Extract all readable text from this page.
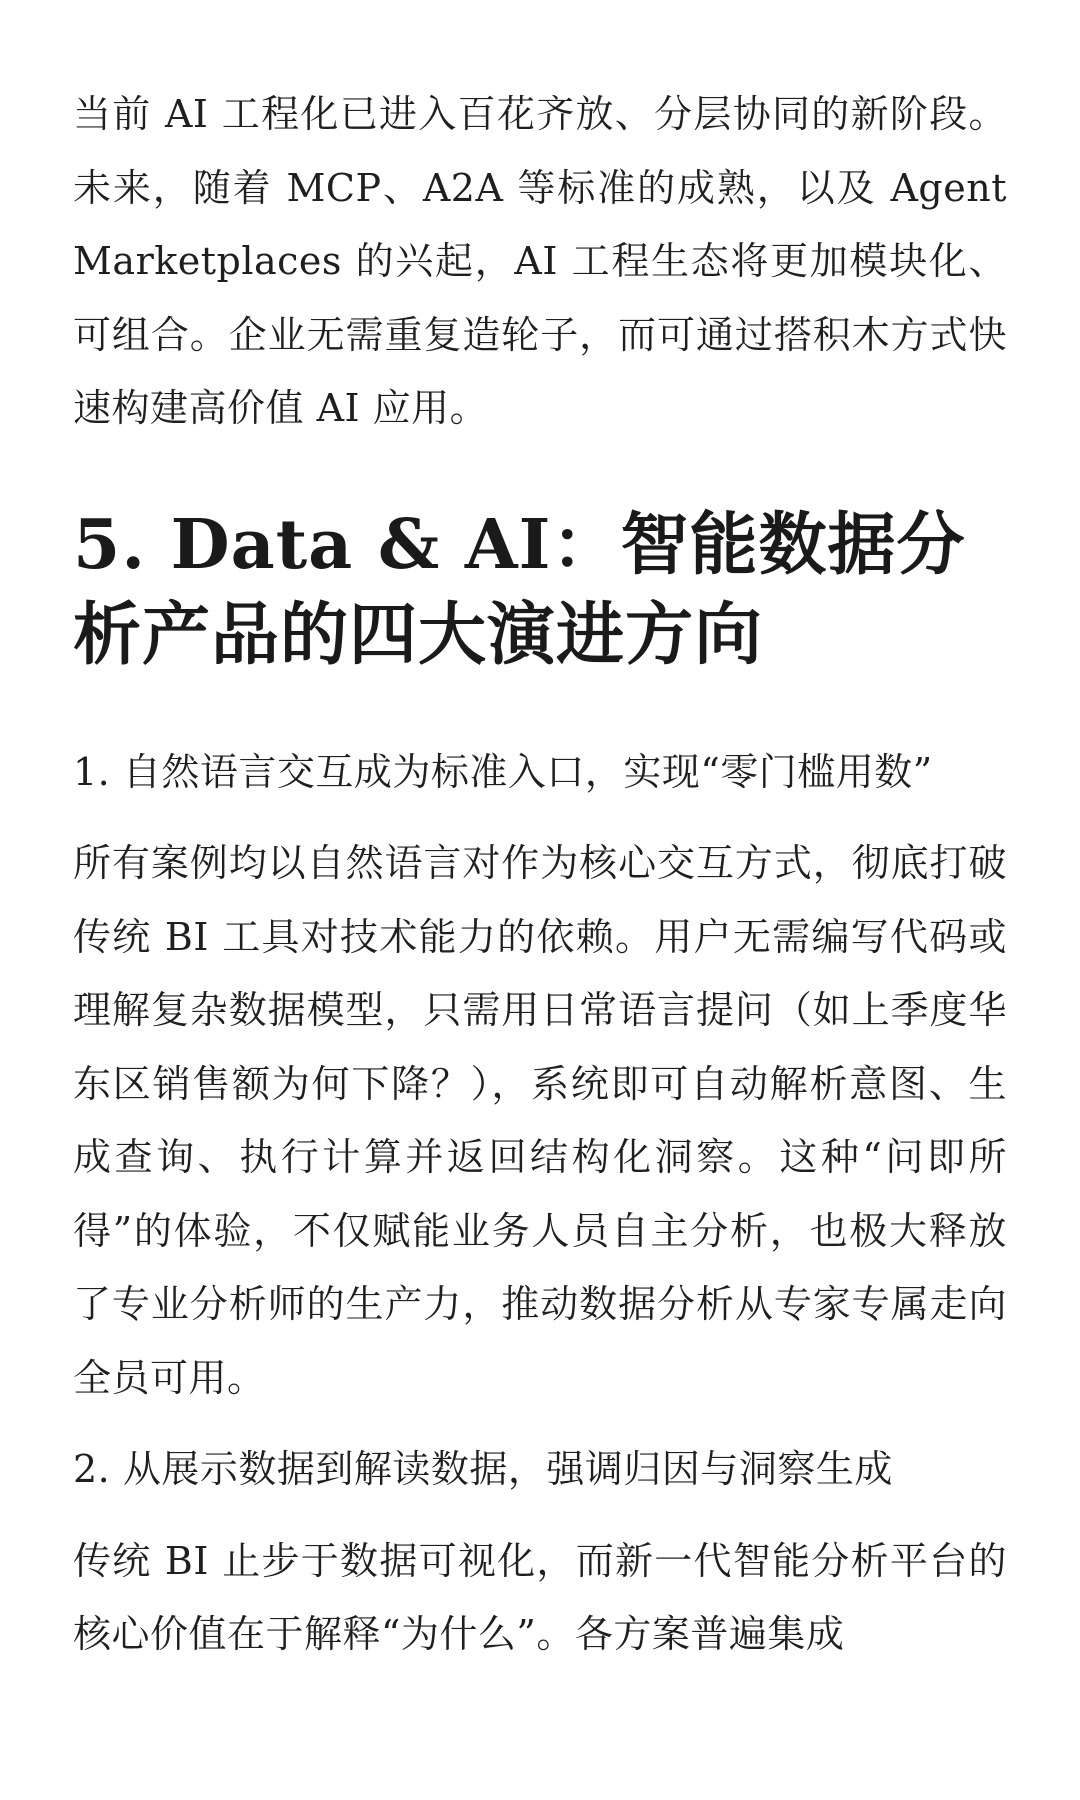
当前 AI 工程化已进入百花齐放、分层协同的新阶段。未来，随着 MCP、A2A 等标准的成熟，以及 Agent Marketplaces 的兴起，AI 工程生态将更加模块化、可组合。企业无需重复造轮子，而可通过搭积木方式快速构建高价值 AI 应用。

5. Data & AI：智能数据分析产品的四大演进方向

1. 自然语言交互成为标准入口，实现“零门槛用数”

所有案例均以自然语言对作为核心交互方式，彻底打破传统 BI 工具对技术能力的依赖。用户无需编写代码或理解复杂数据模型，只需用日常语言提问（如上季度华东区销售额为何下降？），系统即可自动解析意图、生成查询、执行计算并返回结构化洞察。这种“问即所得”的体验，不仅赋能业务人员自主分析，也极大释放了专业分析师的生产力，推动数据分析从专家专属走向全员可用。

2. 从展示数据到解读数据，强调归因与洞察生成

传统 BI 止步于数据可视化，而新一代智能分析平台的核心价值在于解释“为什么”。各方案普遍集成
